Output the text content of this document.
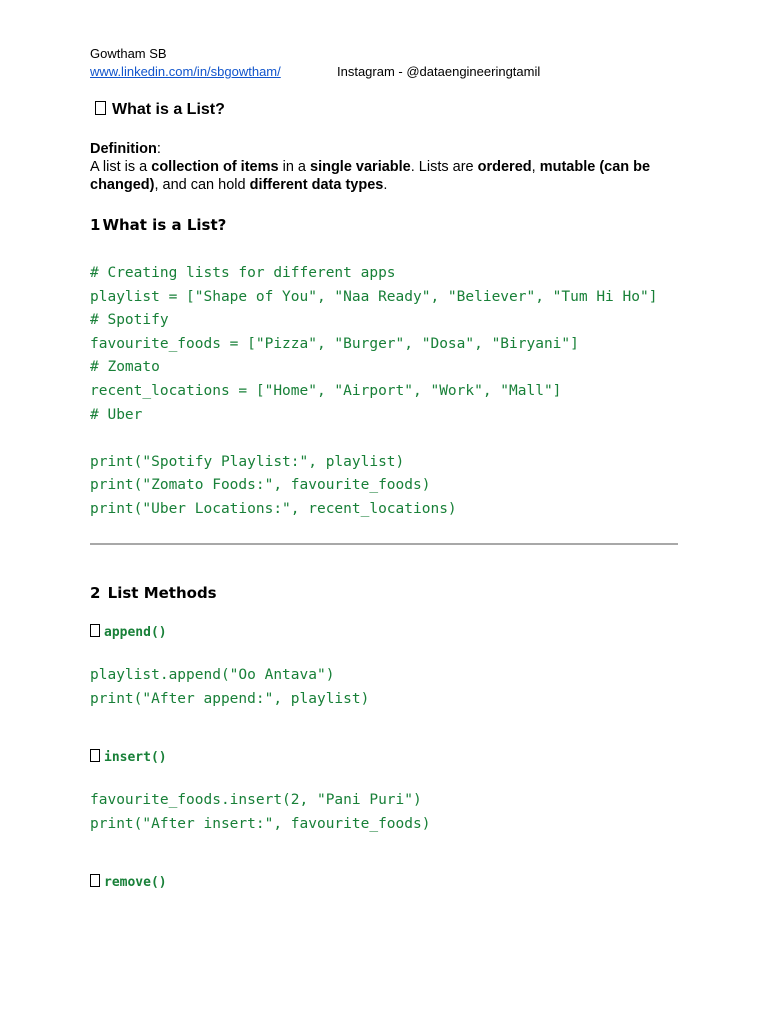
Gowtham SB
www.linkedin.com/in/sbgowtham/	Instagram - @dataengineeringtamil
What is a List?
Definition:
A list is a collection of items in a single variable. Lists are ordered, mutable (can be changed), and can hold different data types.
1 What is a List?
# Creating lists for different apps
playlist = ["Shape of You", "Naa Ready", "Believer", "Tum Hi Ho"]
# Spotify
favourite_foods = ["Pizza", "Burger", "Dosa", "Biryani"]
# Zomato
recent_locations = ["Home", "Airport", "Work", "Mall"]
# Uber

print("Spotify Playlist:", playlist)
print("Zomato Foods:", favourite_foods)
print("Uber Locations:", recent_locations)
2 List Methods
append()
playlist.append("Oo Antava")
print("After append:", playlist)
insert()
favourite_foods.insert(2, "Pani Puri")
print("After insert:", favourite_foods)
remove()
